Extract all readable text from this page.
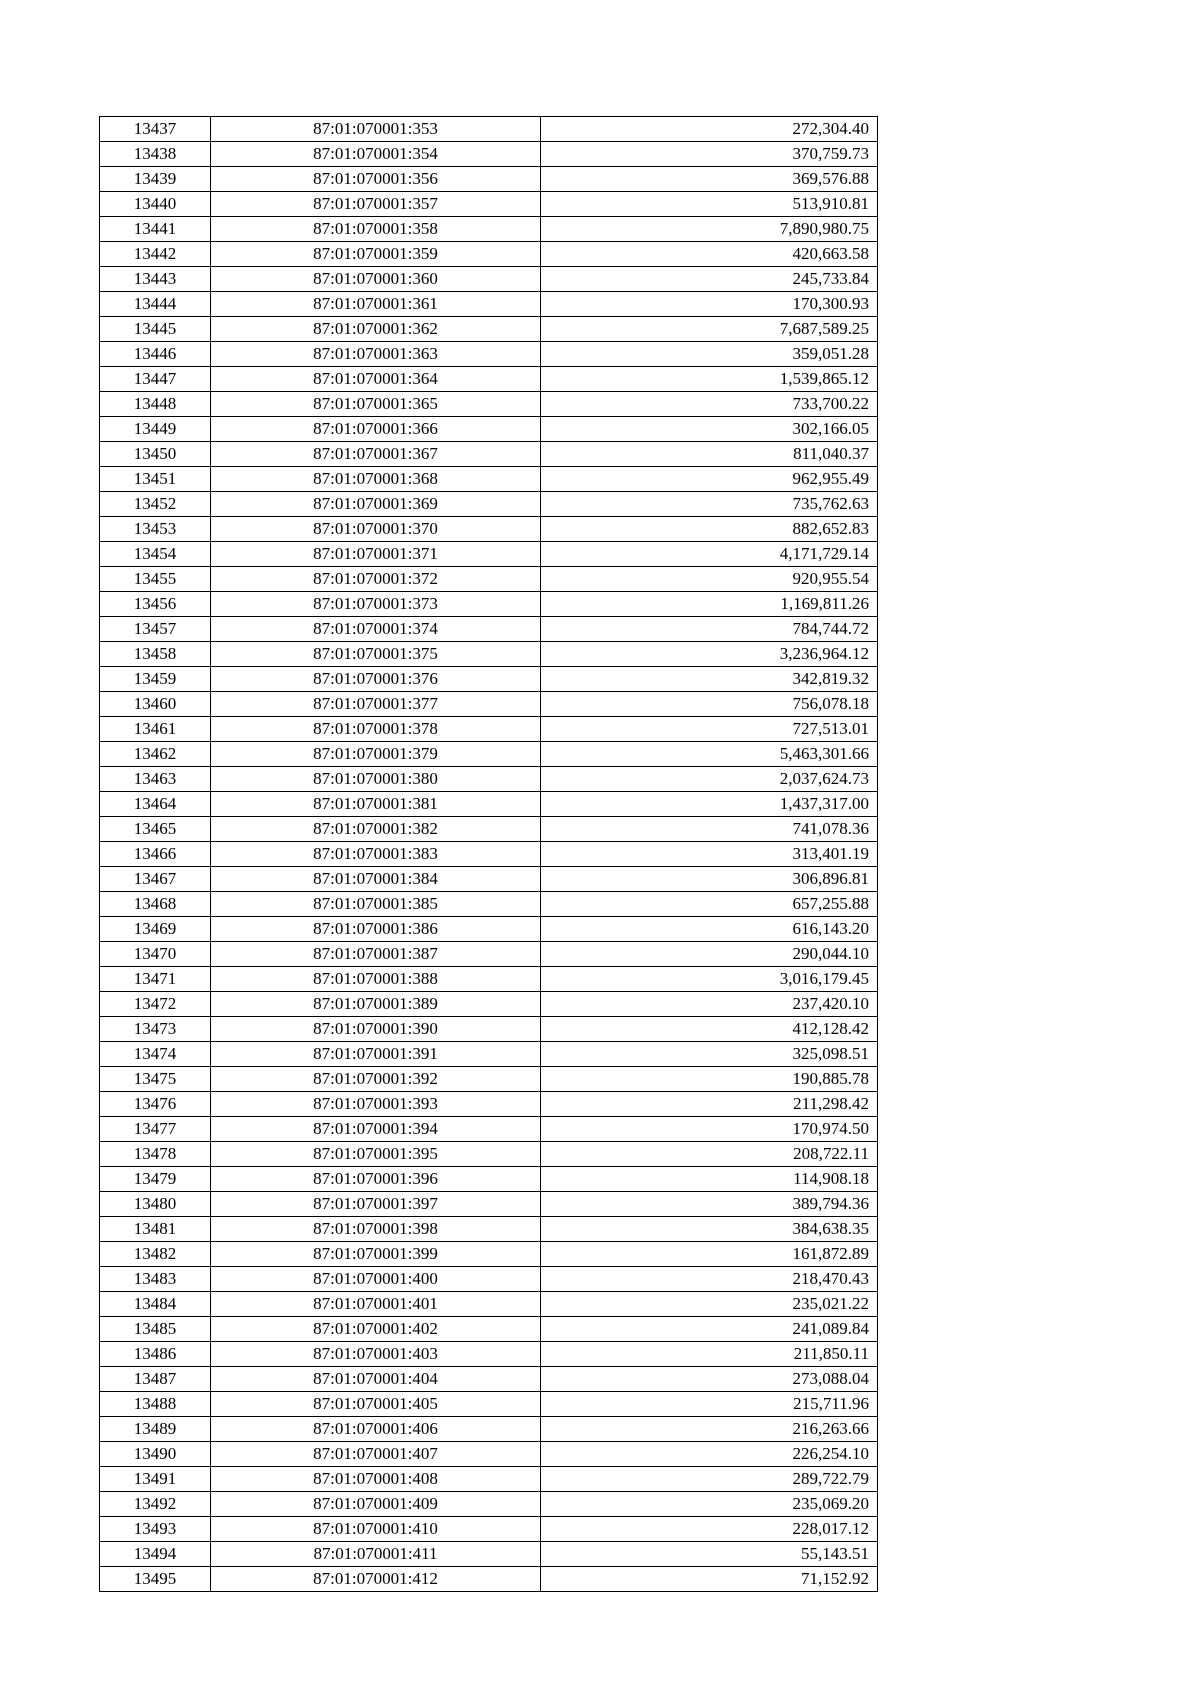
13437	87:01:070001:353	272,304.40
13438	87:01:070001:354	370,759.73
13439	87:01:070001:356	369,576.88
13440	87:01:070001:357	513,910.81
13441	87:01:070001:358	7,890,980.75
13442	87:01:070001:359	420,663.58
13443	87:01:070001:360	245,733.84
13444	87:01:070001:361	170,300.93
13445	87:01:070001:362	7,687,589.25
13446	87:01:070001:363	359,051.28
13447	87:01:070001:364	1,539,865.12
13448	87:01:070001:365	733,700.22
13449	87:01:070001:366	302,166.05
13450	87:01:070001:367	811,040.37
13451	87:01:070001:368	962,955.49
13452	87:01:070001:369	735,762.63
13453	87:01:070001:370	882,652.83
13454	87:01:070001:371	4,171,729.14
13455	87:01:070001:372	920,955.54
13456	87:01:070001:373	1,169,811.26
13457	87:01:070001:374	784,744.72
13458	87:01:070001:375	3,236,964.12
13459	87:01:070001:376	342,819.32
13460	87:01:070001:377	756,078.18
13461	87:01:070001:378	727,513.01
13462	87:01:070001:379	5,463,301.66
13463	87:01:070001:380	2,037,624.73
13464	87:01:070001:381	1,437,317.00
13465	87:01:070001:382	741,078.36
13466	87:01:070001:383	313,401.19
13467	87:01:070001:384	306,896.81
13468	87:01:070001:385	657,255.88
13469	87:01:070001:386	616,143.20
13470	87:01:070001:387	290,044.10
13471	87:01:070001:388	3,016,179.45
13472	87:01:070001:389	237,420.10
13473	87:01:070001:390	412,128.42
13474	87:01:070001:391	325,098.51
13475	87:01:070001:392	190,885.78
13476	87:01:070001:393	211,298.42
13477	87:01:070001:394	170,974.50
13478	87:01:070001:395	208,722.11
13479	87:01:070001:396	114,908.18
13480	87:01:070001:397	389,794.36
13481	87:01:070001:398	384,638.35
13482	87:01:070001:399	161,872.89
13483	87:01:070001:400	218,470.43
13484	87:01:070001:401	235,021.22
13485	87:01:070001:402	241,089.84
13486	87:01:070001:403	211,850.11
13487	87:01:070001:404	273,088.04
13488	87:01:070001:405	215,711.96
13489	87:01:070001:406	216,263.66
13490	87:01:070001:407	226,254.10
13491	87:01:070001:408	289,722.79
13492	87:01:070001:409	235,069.20
13493	87:01:070001:410	228,017.12
13494	87:01:070001:411	55,143.51
13495	87:01:070001:412	71,152.92
